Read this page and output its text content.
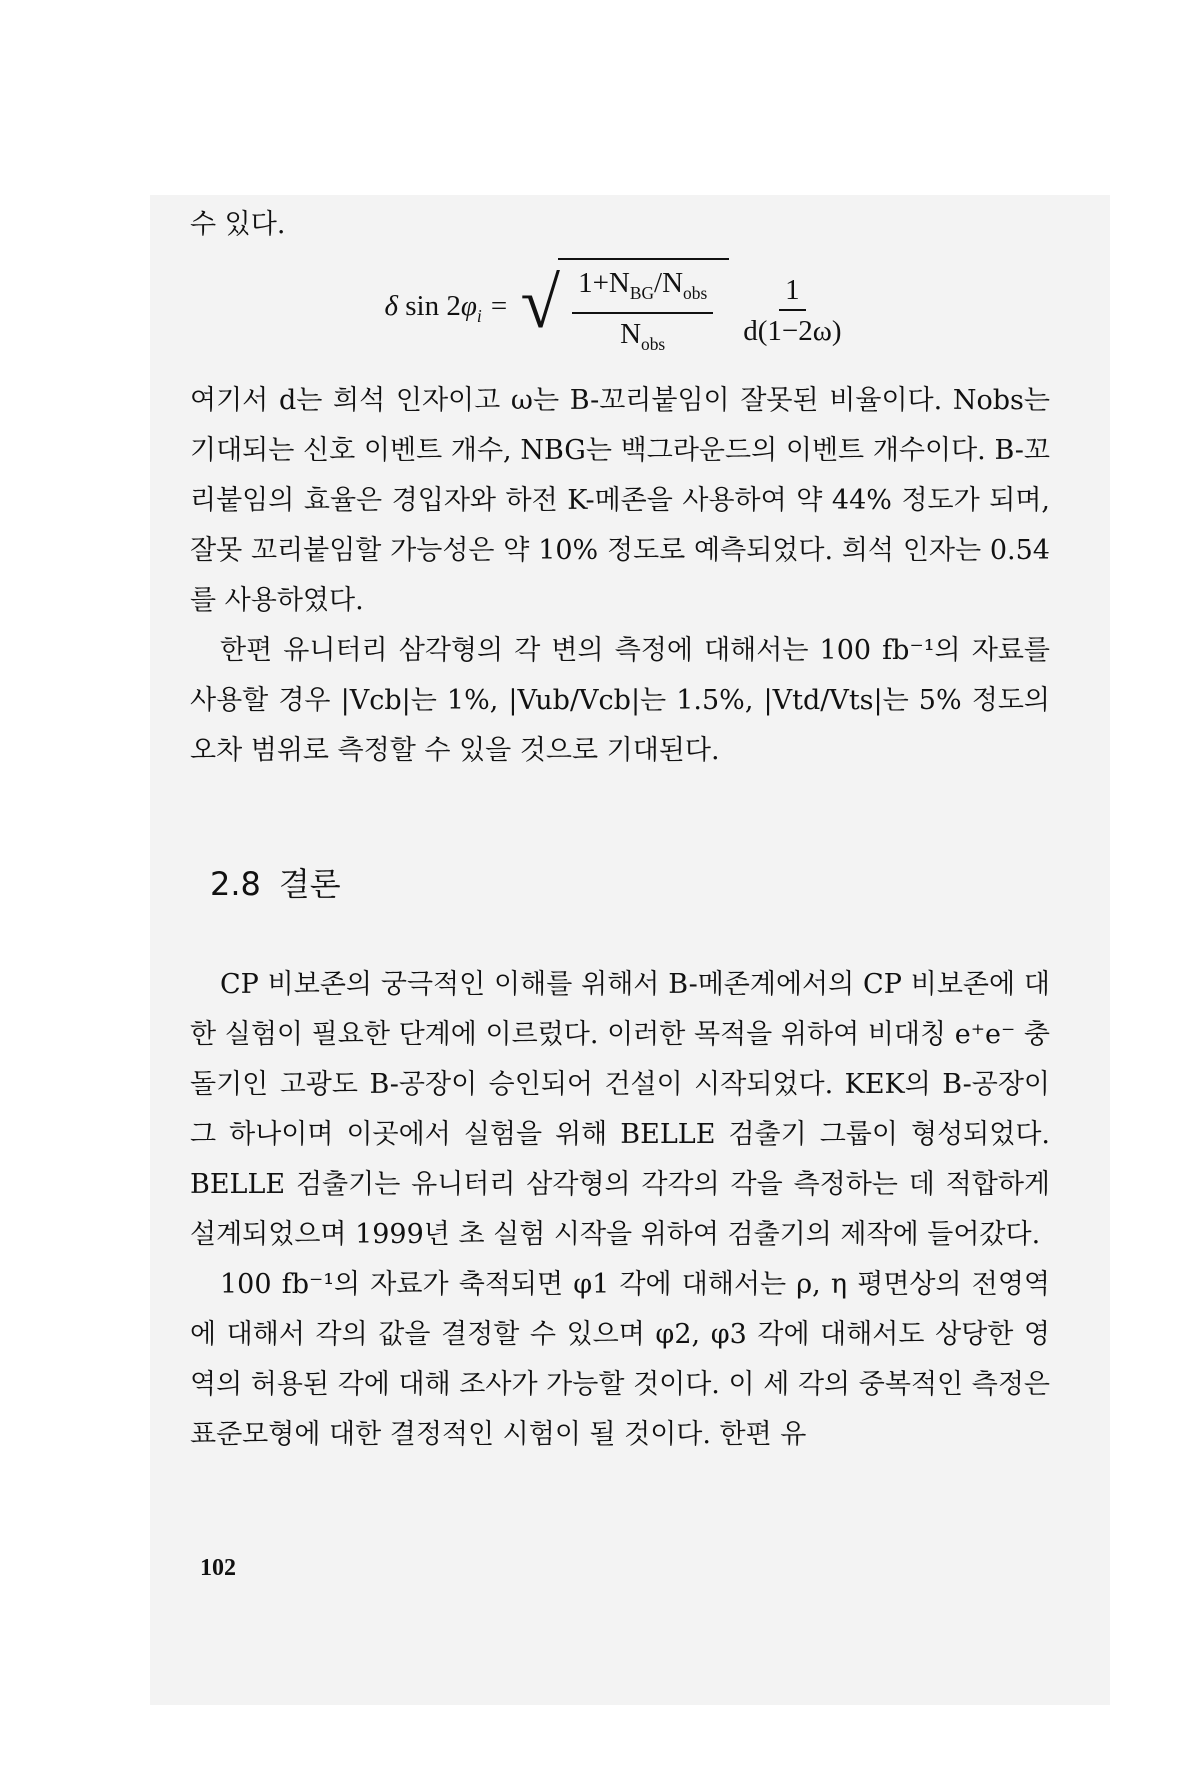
수 있다.

δ $\sin 2\varphi_i$ = √ $\frac{1+N_{BG}/N_{obs}}{N_{obs}} \frac{1}{d(1-2\omega)}$

여기서 d는 희석 인자이고 ω는 B-꼬리붙임이 잘못된 비율이다. Nobs는 기대되는 신호 이벤트 개수, NBG는 백그라운드의 이벤트 개수이다. B-꼬리붙임의 효율은 경입자와 하전 K-메존을 사용하여 약 44% 정도가 되며, 잘못 꼬리붙임할 가능성은 약 10% 정도로 예측되었다. 희석 인자는 0.54를 사용하였다.

한편 유니터리 삼각형의 각 변의 측정에 대해서는 100 fb⁻¹의 자료를 사용할 경우 |Vcb|는 1%, |Vub/Vcb|는 1.5%, |Vtd/Vts|는 5% 정도의 오차 범위로 측정할 수 있을 것으로 기대된다.

2.8 결론

CP 비보존의 궁극적인 이해를 위해서 B-메존계에서의 CP 비보존에 대한 실험이 필요한 단계에 이르렀다. 이러한 목적을 위하여 비대칭 e⁺e⁻ 충돌기인 고광도 B-공장이 승인되어 건설이 시작되었다. KEK의 B-공장이 그 하나이며 이곳에서 실험을 위해 BELLE 검출기 그룹이 형성되었다. BELLE 검출기는 유니터리 삼각형의 각각의 각을 측정하는 데 적합하게 설계되었으며 1999년 초 실험 시작을 위하여 검출기의 제작에 들어갔다.

100 fb⁻¹의 자료가 축적되면 φ1 각에 대해서는 ρ, η 평면상의 전영역에 대해서 각의 값을 결정할 수 있으며 φ2, φ3 각에 대해서도 상당한 영역의 허용된 각에 대해 조사가 가능할 것이다. 이 세 각의 중복적인 측정은 표준모형에 대한 결정적인 시험이 될 것이다. 한편 유

102
